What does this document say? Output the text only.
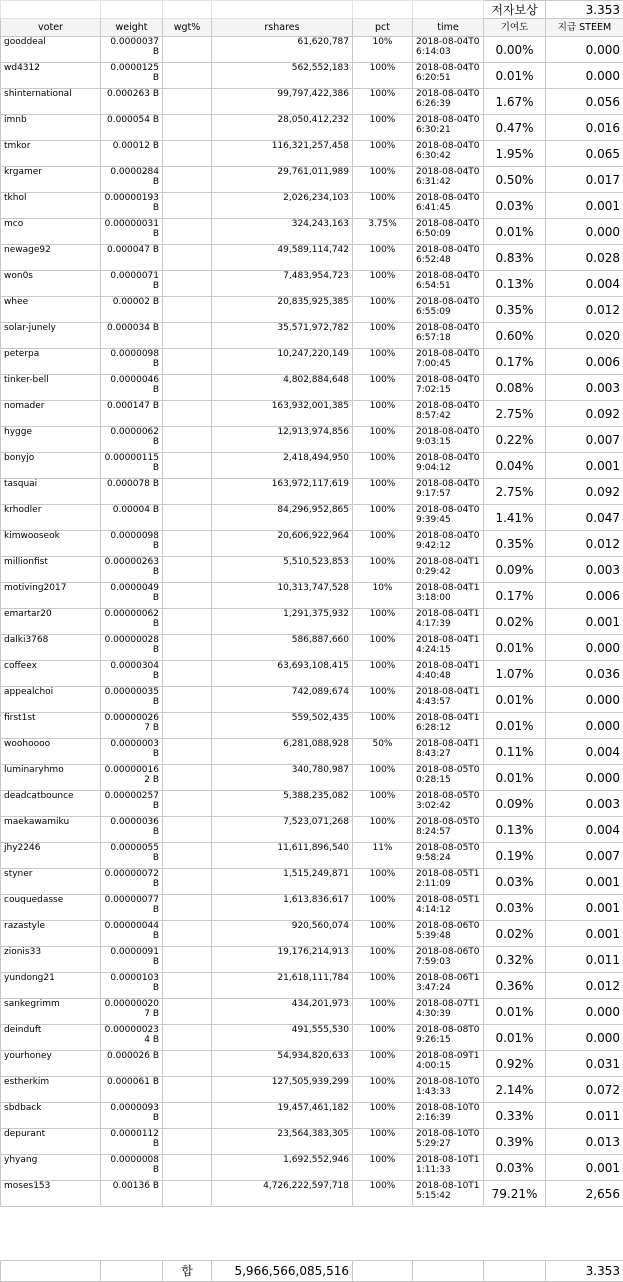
						저자보상	3.353
voter	weight	wgt%	rshares	pct	time	기여도	지급 STEEM
gooddeal	0.0000037 B		61,620,787	10%	2018-08-04T06:14:03	0.00%	0.000
wd4312	0.0000125 B		562,552,183	100%	2018-08-04T06:20:51	0.01%	0.000
shinternational	0.000263 B		99,797,422,386	100%	2018-08-04T06:26:39	1.67%	0.056
imnb	0.000054 B		28,050,412,232	100%	2018-08-04T06:30:21	0.47%	0.016
tmkor	0.00012 B		116,321,257,458	100%	2018-08-04T06:30:42	1.95%	0.065
krgamer	0.0000284 B		29,761,011,989	100%	2018-08-04T06:31:42	0.50%	0.017
tkhol	0.00000193 B		2,026,234,103	100%	2018-08-04T06:41:45	0.03%	0.001
mco	0.00000031 B		324,243,163	3.75%	2018-08-04T06:50:09	0.01%	0.000
newage92	0.000047 B		49,589,114,742	100%	2018-08-04T06:52:48	0.83%	0.028
won0s	0.0000071 B		7,483,954,723	100%	2018-08-04T06:54:51	0.13%	0.004
whee	0.00002 B		20,835,925,385	100%	2018-08-04T06:55:09	0.35%	0.012
solar-junely	0.000034 B		35,571,972,782	100%	2018-08-04T06:57:18	0.60%	0.020
peterpa	0.0000098 B		10,247,220,149	100%	2018-08-04T07:00:45	0.17%	0.006
tinker-bell	0.0000046 B		4,802,884,648	100%	2018-08-04T07:02:15	0.08%	0.003
nomader	0.000147 B		163,932,001,385	100%	2018-08-04T08:57:42	2.75%	0.092
hygge	0.0000062 B		12,913,974,856	100%	2018-08-04T09:03:15	0.22%	0.007
bonyjo	0.00000115 B		2,418,494,950	100%	2018-08-04T09:04:12	0.04%	0.001
tasquai	0.000078 B		163,972,117,619	100%	2018-08-04T09:17:57	2.75%	0.092
krhodler	0.00004 B		84,296,952,865	100%	2018-08-04T09:39:45	1.41%	0.047
kimwooseok	0.0000098 B		20,606,922,964	100%	2018-08-04T09:42:12	0.35%	0.012
millionfist	0.00000263 B		5,510,523,853	100%	2018-08-04T10:29:42	0.09%	0.003
motiving2017	0.0000049 B		10,313,747,528	10%	2018-08-04T13:18:00	0.17%	0.006
emartar20	0.00000062 B		1,291,375,932	100%	2018-08-04T14:17:39	0.02%	0.001
dalki3768	0.00000028 B		586,887,660	100%	2018-08-04T14:24:15	0.01%	0.000
coffeex	0.0000304 B		63,693,108,415	100%	2018-08-04T14:40:48	1.07%	0.036
appealchoi	0.00000035 B		742,089,674	100%	2018-08-04T14:43:57	0.01%	0.000
first1st	0.00000026 7 B		559,502,435	100%	2018-08-04T16:28:12	0.01%	0.000
woohoooo	0.0000003 B		6,281,088,928	50%	2018-08-04T18:43:27	0.11%	0.004
luminaryhmo	0.00000016 2 B		340,780,987	100%	2018-08-05T00:28:15	0.01%	0.000
deadcatbounce	0.00000257 B		5,388,235,082	100%	2018-08-05T03:02:42	0.09%	0.003
maekawamiku	0.0000036 B		7,523,071,268	100%	2018-08-05T08:24:57	0.13%	0.004
jhy2246	0.0000055 B		11,611,896,540	11%	2018-08-05T09:58:24	0.19%	0.007
styner	0.00000072 B		1,515,249,871	100%	2018-08-05T12:11:09	0.03%	0.001
couquedasse	0.00000077 B		1,613,836,617	100%	2018-08-05T14:14:12	0.03%	0.001
razastyle	0.00000044 B		920,560,074	100%	2018-08-06T05:39:48	0.02%	0.001
zionis33	0.0000091 B		19,176,214,913	100%	2018-08-06T07:59:03	0.32%	0.011
yundong21	0.0000103 B		21,618,111,784	100%	2018-08-06T13:47:24	0.36%	0.012
sankegrimm	0.00000020 7 B		434,201,973	100%	2018-08-07T14:30:39	0.01%	0.000
deinduft	0.00000023 4 B		491,555,530	100%	2018-08-08T09:26:15	0.01%	0.000
yourhoney	0.000026 B		54,934,820,633	100%	2018-08-09T14:00:15	0.92%	0.031
estherkim	0.000061 B		127,505,939,299	100%	2018-08-10T01:43:33	2.14%	0.072
sbdback	0.0000093 B		19,457,461,182	100%	2018-08-10T02:16:39	0.33%	0.011
depurant	0.0000112 B		23,564,383,305	100%	2018-08-10T05:29:27	0.39%	0.013
yhyang	0.0000008 B		1,692,552,946	100%	2018-08-10T11:11:33	0.03%	0.001
moses153	0.00136 B		4,726,222,597,718	100%	2018-08-10T15:15:42	79.21%	2,656
		합	5,966,566,085,516				3.353
